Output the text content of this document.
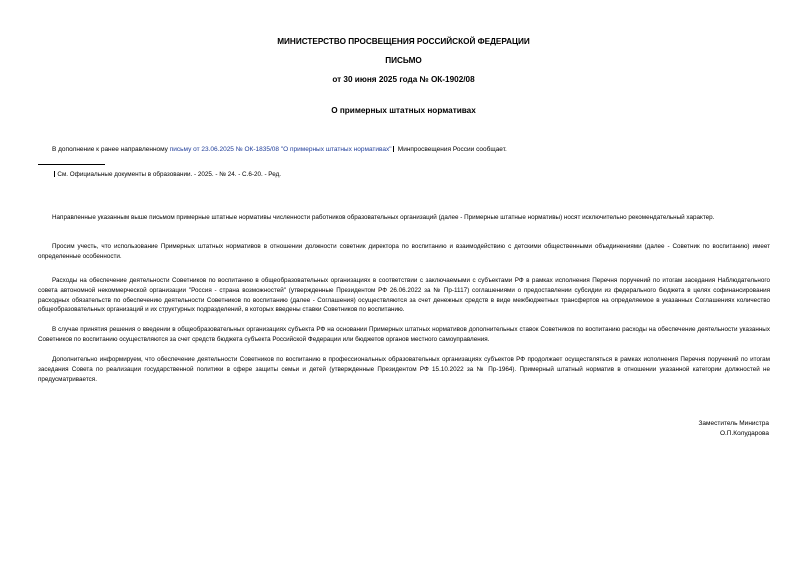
МИНИСТЕРСТВО ПРОСВЕЩЕНИЯ РОССИЙСКОЙ ФЕДЕРАЦИИ
ПИСЬМО
от 30 июня 2025 года № ОК-1902/08
О примерных штатных нормативах
В дополнение к ранее направленному письму от 23.06.2025 № ОК-1835/08 "О примерных штатных нормативах" Минпросвещения России сообщает.
См. Официальные документы в образовании. - 2025. - № 24. - С.6-20. - Ред.

Направленные указанным выше письмом примерные штатные нормативы численности работников образовательных организаций (далее - Примерные штатные нормативы) носят исключительно рекомендательный характер.

Просим учесть, что использование Примерных штатных нормативов в отношении должности советник директора по воспитанию и взаимодействию с детскими общественными объединениями (далее - Советник по воспитанию) имеет определенные особенности.

Расходы на обеспечение деятельности Советников по воспитанию в общеобразовательных организациях в соответствии с заключаемыми с субъектами РФ в рамках исполнения Перечня поручений по итогам заседания Наблюдательного совета автономной некоммерческой организации "Россия - страна возможностей" (утвержденные Президентом РФ 26.06.2022 за № Пр-1117) соглашениями о предоставлении субсидии из федерального бюджета в целях софинансирования расходных обязательств по обеспечению деятельности Советников по воспитанию (далее - Соглашения) осуществляются за счет денежных средств в виде межбюджетных трансфертов на определяемое в указанных Соглашениях количество общеобразовательных организаций и их структурных подразделений, в которых введены ставки Советников по воспитанию.

В случае принятия решения о введении в общеобразовательных организациях субъекта РФ на основании Примерных штатных нормативов дополнительных ставок Советников по воспитанию расходы на обеспечение деятельности указанных Советников по воспитанию осуществляются за счет средств бюджета субъекта Российской Федерации или бюджетов органов местного самоуправления.

Дополнительно информируем, что обеспечение деятельности Советников по воспитанию в профессиональных образовательных организациях субъектов РФ продолжает осуществляться в рамках исполнения Перечня поручений по итогам заседания Совета по реализации государственной политики в сфере защиты семьи и детей (утвержденные Президентом РФ 15.10.2022 за № Пр-1964). Примерный штатный норматив в отношении указанной категории должностей не предусматривается.

Заместитель Министра
О.П.Колударова
